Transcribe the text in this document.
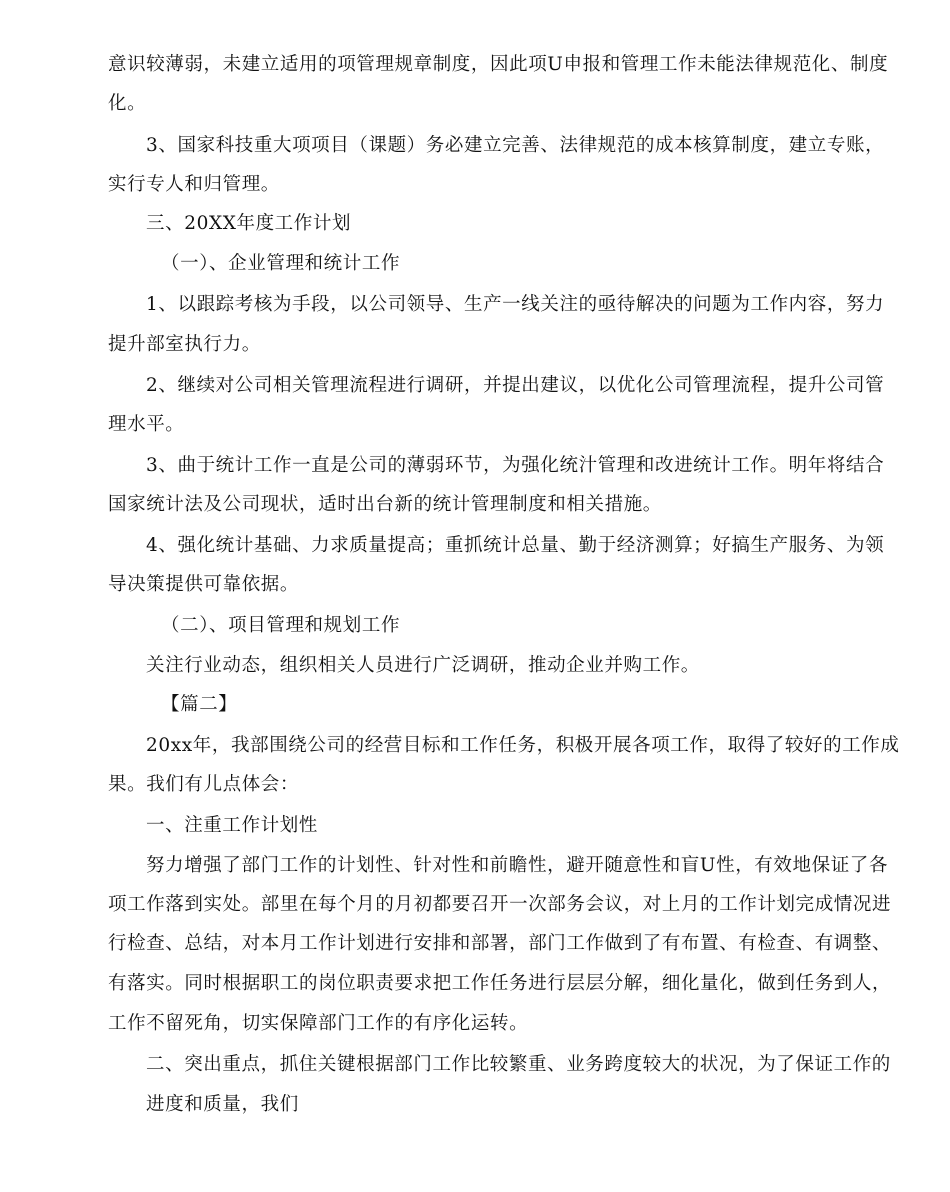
意识较薄弱，未建立适用的项管理规章制度，因此项U申报和管理工作未能法律规范化、制度
化。
3、国家科技重大项项目（课题）务必建立完善、法律规范的成本核算制度，建立专账，
实行专人和归管理。
三、20XX年度工作计划
（一）、企业管理和统计工作
1、以跟踪考核为手段，以公司领导、生产一线关注的亟待解决的问题为工作内容，努力
提升部室执行力。
2、继续对公司相关管理流程进行调研，并提出建议，以优化公司管理流程，提升公司管
理水平。
3、曲于统计工作一直是公司的薄弱环节，为强化统汁管理和改进统计工作。明年将结合
国家统计法及公司现状，适时出台新的统计管理制度和相关措施。
4、强化统计基础、力求质量提高；重抓统计总量、勤于经济测算；好搞生产服务、为领
导决策提供可靠依据。
（二）、项目管理和规划工作
关注行业动态，组织相关人员进行广泛调研，推动企业并购工作。
【篇二】
20xx年，我部围绕公司的经营目标和工作任务，积极开展各项工作，取得了较好的工作成
果。我们有儿点体会：
一、注重工作计划性
努力增强了部门工作的计划性、针对性和前瞻性，避开随意性和盲U性，有效地保证了各
项工作落到实处。部里在每个月的月初都要召开一次部务会议，对上月的工作计划完成情况进
行检查、总结，对本月工作计划进行安排和部署，部门工作做到了有布置、有检查、有调整、
有落实。同时根据职工的岗位职责要求把工作任务进行层层分解，细化量化，做到任务到人，
工作不留死角，切实保障部门工作的有序化运转。
二、突出重点，抓住关键根据部门工作比较繁重、业务跨度较大的状况，为了保证工作的
进度和质量，我们
